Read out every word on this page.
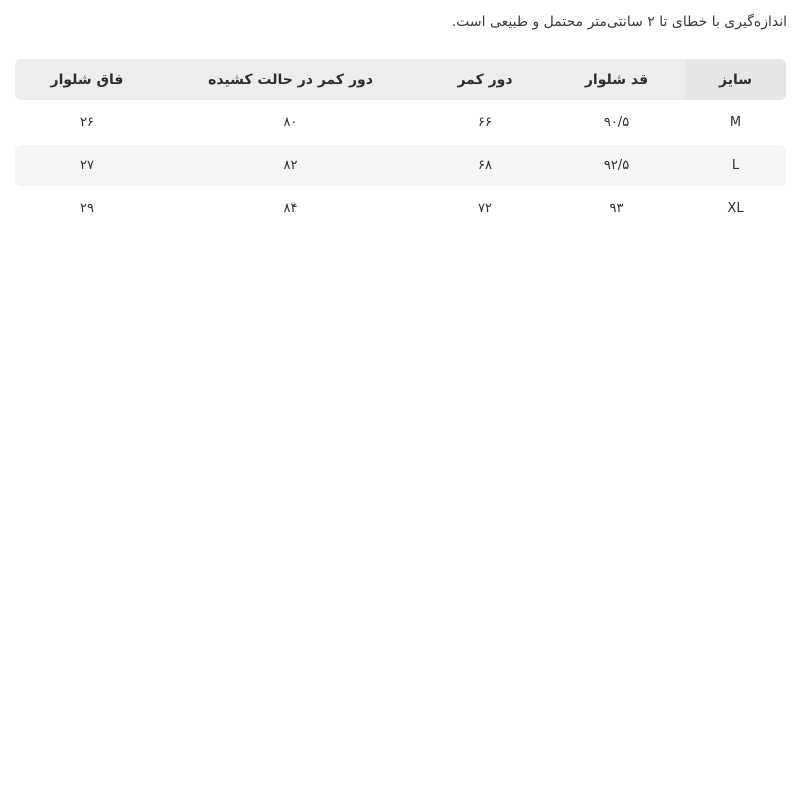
اندازه‌گیری با خطای تا ۲ سانتی‌متر محتمل و طبیعی است.
سایز
قد شلوار
دور کمر
دور کمر در حالت کشیده
فاق شلوار
M
۹۰/۵
۶۶
۸۰
۲۶
L
۹۲/۵
۶۸
۸۲
۲۷
XL
۹۳
۷۲
۸۴
۲۹
